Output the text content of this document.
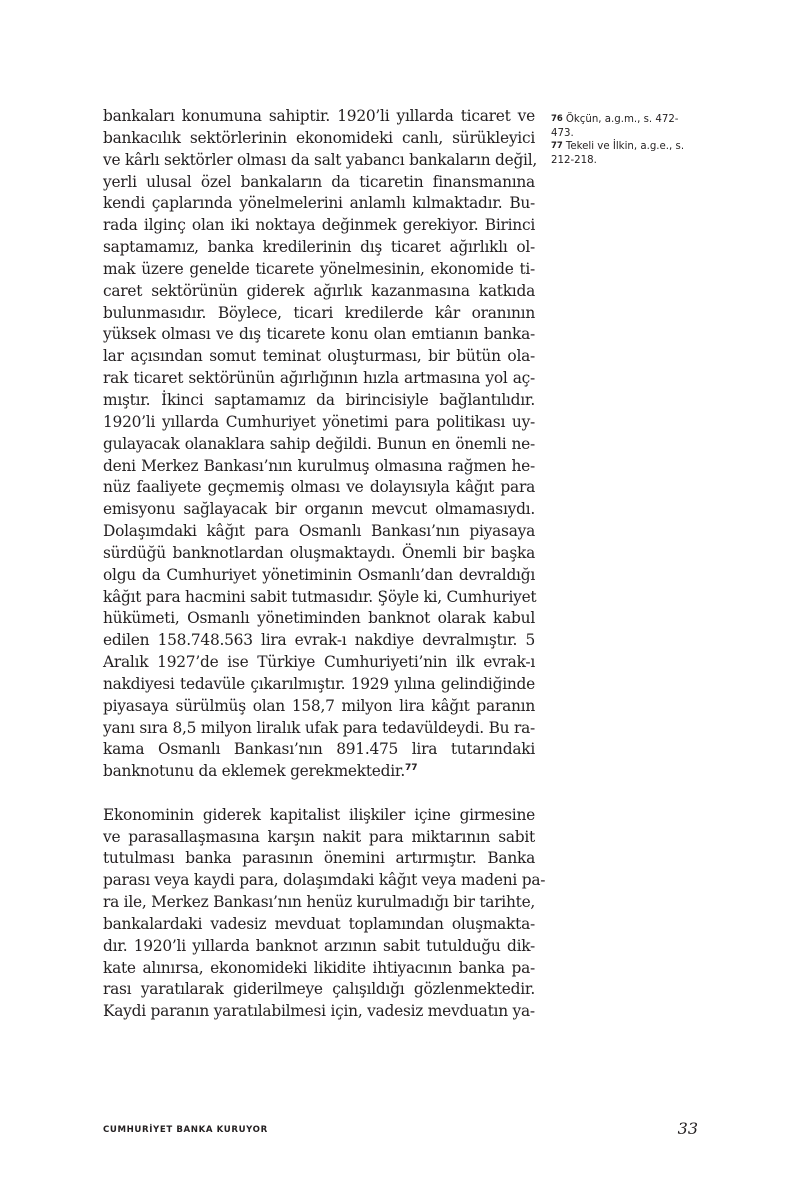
bankaları konumuna sahiptir. 1920’li yıllarda ticaret ve
bankacılık sektörlerinin ekonomideki canlı, sürükleyici
ve kârlı sektörler olması da salt yabancı bankaların değil,
yerli ulusal özel bankaların da ticaretin finansmanına
kendi çaplarında yönelmelerini anlamlı kılmaktadır. Bu-
rada ilginç olan iki noktaya değinmek gerekiyor. Birinci
saptamamız, banka kredilerinin dış ticaret ağırlıklı ol-
mak üzere genelde ticarete yönelmesinin, ekonomide ti-
caret sektörünün giderek ağırlık kazanmasına katkıda
bulunmasıdır. Böylece, ticari kredilerde kâr oranının
yüksek olması ve dış ticarete konu olan emtianın banka-
lar açısından somut teminat oluşturması, bir bütün ola-
rak ticaret sektörünün ağırlığının hızla artmasına yol aç-
mıştır. İkinci saptamamız da birincisiyle bağlantılıdır.
1920’li yıllarda Cumhuriyet yönetimi para politikası uy-
gulayacak olanaklara sahip değildi. Bunun en önemli ne-
deni Merkez Bankası’nın kurulmuş olmasına rağmen he-
nüz faaliyete geçmemiş olması ve dolayısıyla kâğıt para
emisyonu sağlayacak bir organın mevcut olmamasıydı.
Dolaşımdaki kâğıt para Osmanlı Bankası’nın piyasaya
sürdüğü banknotlardan oluşmaktaydı. Önemli bir başka
olgu da Cumhuriyet yönetiminin Osmanlı’dan devraldığı
kâğıt para hacmini sabit tutmasıdır. Şöyle ki, Cumhuriyet
hükümeti, Osmanlı yönetiminden banknot olarak kabul
edilen 158.748.563 lira evrak-ı nakdiye devralmıştır. 5
Aralık 1927’de ise Türkiye Cumhuriyeti’nin ilk evrak-ı
nakdiyesi tedavüle çıkarılmıştır. 1929 yılına gelindiğinde
piyasaya sürülmüş olan 158,7 milyon lira kâğıt paranın
yanı sıra 8,5 milyon liralık ufak para tedavüldeydi. Bu ra-
kama Osmanlı Bankası’nın 891.475 lira tutarındaki
banknotunu da eklemek gerekmektedir.$^{77}$
Ekonominin giderek kapitalist ilişkiler içine girmesine
ve parasallaşmasına karşın nakit para miktarının sabit
tutulması banka parasının önemini artırmıştır. Banka
parası veya kaydi para, dolaşımdaki kâğıt veya madeni pa-
ra ile, Merkez Bankası’nın henüz kurulmadığı bir tarihte,
bankalardaki vadesiz mevduat toplamından oluşmakta-
dır. 1920’li yıllarda banknot arzının sabit tutulduğu dik-
kate alınırsa, ekonomideki likidite ihtiyacının banka pa-
rası yaratılarak giderilmeye çalışıldığı gözlenmektedir.
Kaydi paranın yaratılabilmesi için, vadesiz mevduatın ya-
76 Ökçün, a.g.m., s. 472-
473.
77 Tekeli ve İlkin, a.g.e., s.
212-218.
CUMHURİYET BANKA KURUYOR	33
